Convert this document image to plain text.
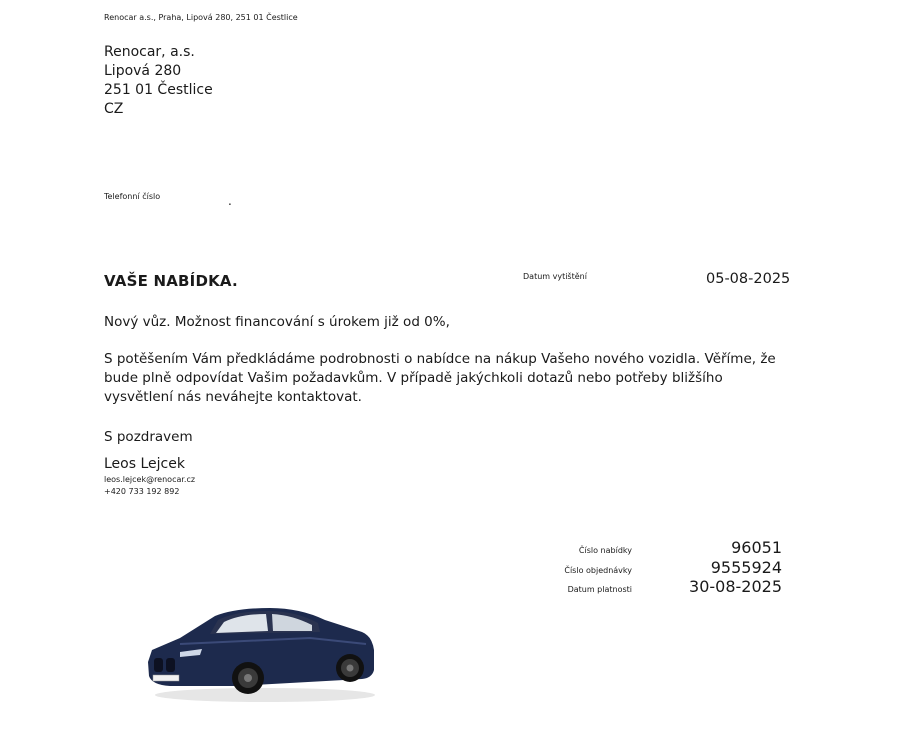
Renocar a.s., Praha, Lipová 280, 251 01 Čestlice
Renocar, a.s.
Lipová 280
251 01 Čestlice
CZ
Telefonní číslo	.
VAŠE NABÍDKA.	Datum vytištění	05-08-2025
Nový vůz. Možnost financování s úrokem již od 0%,
S potěšením Vám předkládáme podrobnosti o nabídce na nákup Vašeho nového vozidla. Věříme, že bude plně odpovídat Vašim požadavkům. V případě jakýchkoli dotazů nebo potřeby bližšího vysvětlení nás neváhejte kontaktovat.
S pozdravem
Leos Lejcek
leos.lejcek@renocar.cz
+420 733 192 892
Číslo nabídky	96051
Číslo objednávky	9555924
Datum platnosti	30-08-2025
